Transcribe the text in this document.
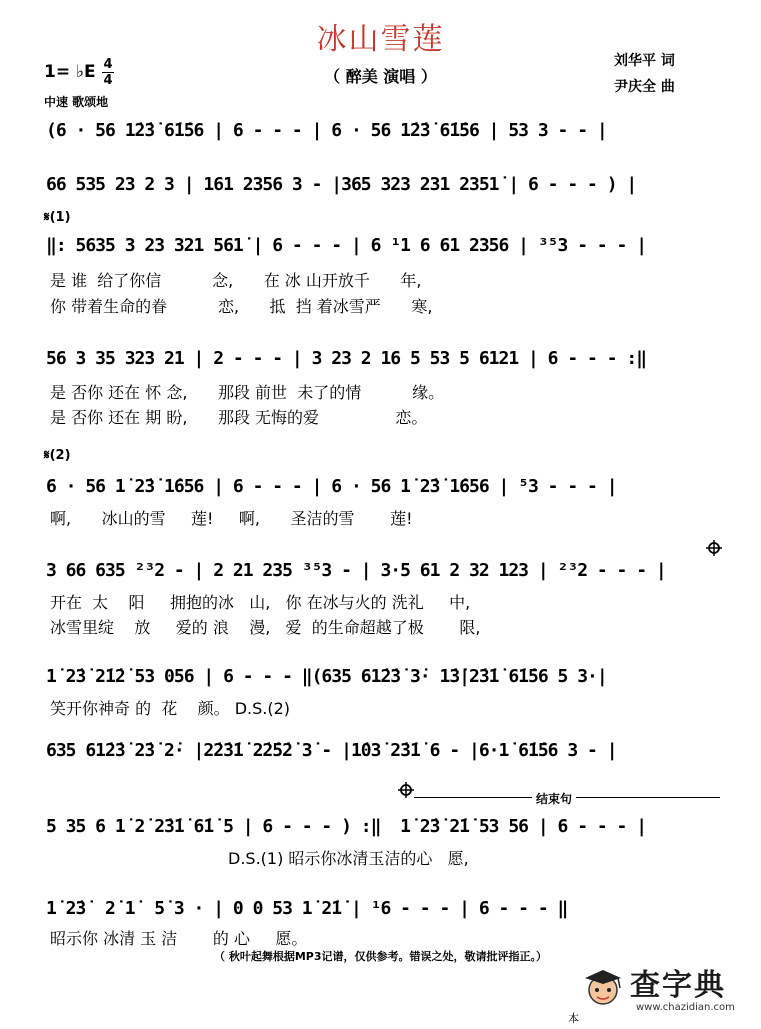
冰山雪莲
（ 醉美 演唱 ）
1= ♭E 4
4
中速 歌颂地
刘华平 词
尹庆全 曲
(6 · 56 1̇2̇3̇ 6̇1̇56 | 6 - - - | 6 · 56 1̇2̇3̇ 6̇1̇56 | 53 3 - - |
66 535 23 2 3 | 161 2356 3 - |365 323 231 2351̇ | 6 - - - ) |
𝄋(1)
‖: 5635 3 23 321 561̇ | 6 - - - | 6 ¹1 6 61 2356 | ³⁵3 - - - |
是 谁  给了你信          念,      在 冰 山开放千      年,
你 带着生命的眷          恋,      抵  挡 着冰雪严      寒,
56 3 35 323 21 | 2 - - - | 3 23 2 16 5 53 5 6121 | 6 - - - :‖
是 否你 还在 怀 念,      那段 前世  未了的情          缘。
是 否你 还在 期 盼,      那段 无悔的爱               恋。
𝄋(2)
6 · 56 1̇ 2̇3̇ 1̇656 | 6 - - - | 6 · 56 1̇ 2̇3̇ 1̇656 | ⁵3 - - - |
啊,      冰山的雪     莲!     啊,      圣洁的雪       莲!
3 66 635 ²³2 - | 2 21 235 ³⁵3 - | 3·5 61 2 32 123 | ²³2 - - - |
开在  太    阳     拥抱的冰   山,   你 在冰与火的 洗礼     中,
冰雪里绽    放     爱的 浪    漫,   爱  的生命超越了极       限,
1̇ 2̇3̇ 2̇1̇2̇ 53 056 | 6 - - - ‖(635 61̇2̇3̇ 3̇· 1̇3̇|2̇3̇1̇ 6̇1̇56 5 3·|
笑开你神奇 的  花    颜。 D.S.(2)
635 61̇2̇3̇ 2̇3̇ 2̇· |2̇2̇3̇1̇ 2̇2̇5̇2̇ 3̇ - |1̇03̇ 2̇3̇1̇ 6 - |6·1̇ 6̇1̇56 3 - |
结束句
5 35 6 1̇ 2̇ 2̇3̇1̇ 6̇1̇ 5 | 6 - - - ) :‖  1̇ 2̇3̇ 2̇1̇ 53 56 | 6 - - - |
D.S.(1) 昭示你冰清玉洁的心   愿,
1̇ 2̇3̇  2̇ 1̇  5̇ 3 · | 0 0 53 1̇ 2̇1̇ | ¹6 - - - | 6 - - - ‖
昭示你 冰清 玉 洁       的 心     愿。
（ 秋叶起舞根据MP3记谱，仅供参考。错误之处，敬请批评指正。）
查字典
www.chazidian.com
本
